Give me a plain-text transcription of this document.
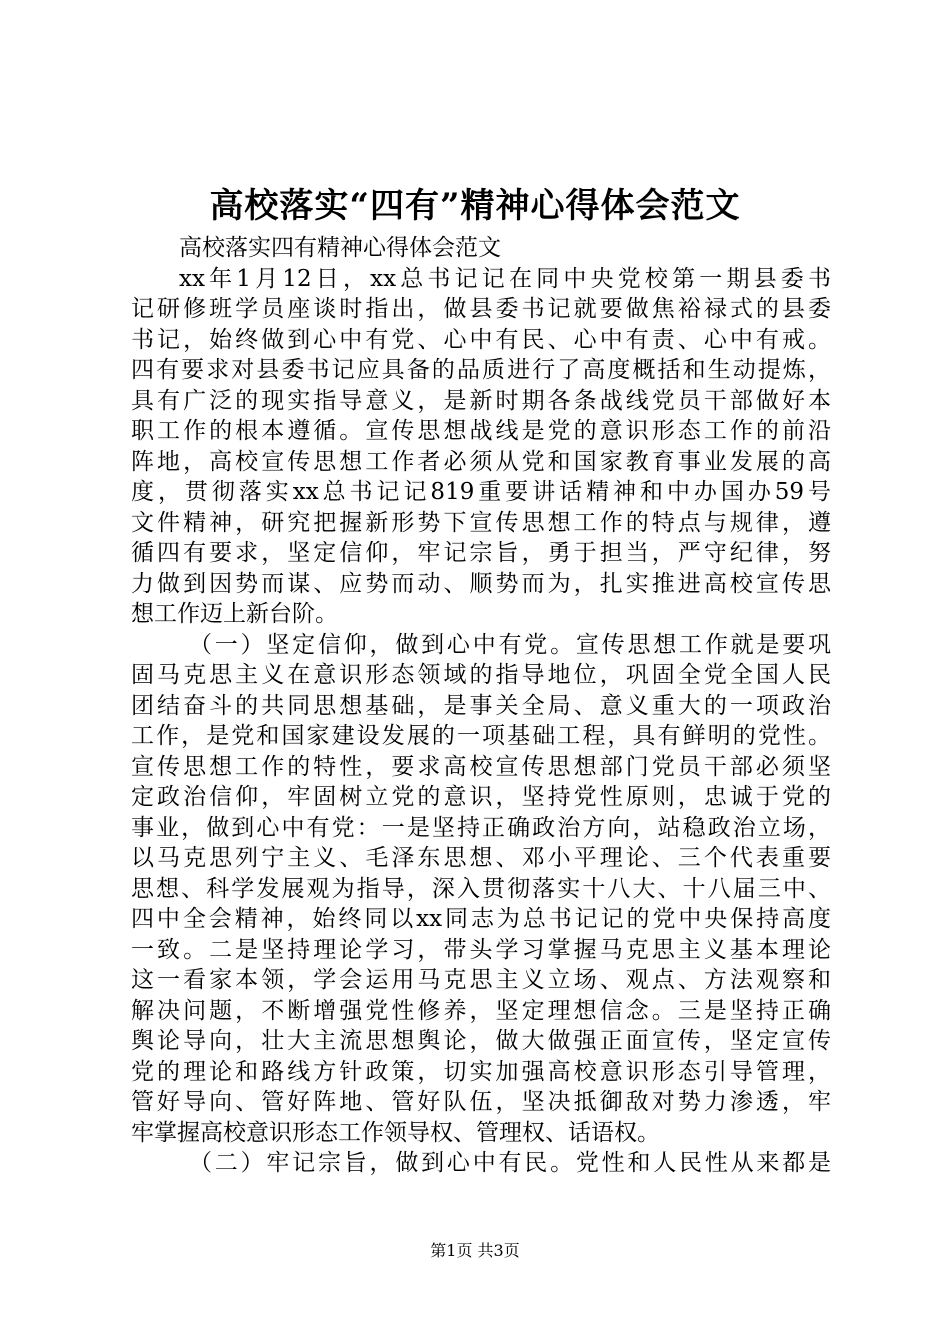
高校落实“四有”精神心得体会范文
高校落实四有精神心得体会范文
xx年1月12日，xx总书记记在同中央党校第一期县委书
记研修班学员座谈时指出，做县委书记就要做焦裕禄式的县委
书记，始终做到心中有党、心中有民、心中有责、心中有戒。
四有要求对县委书记应具备的品质进行了高度概括和生动提炼，
具有广泛的现实指导意义，是新时期各条战线党员干部做好本
职工作的根本遵循。宣传思想战线是党的意识形态工作的前沿
阵地，高校宣传思想工作者必须从党和国家教育事业发展的高
度，贯彻落实xx总书记记819重要讲话精神和中办国办59号
文件精神，研究把握新形势下宣传思想工作的特点与规律，遵
循四有要求，坚定信仰，牢记宗旨，勇于担当，严守纪律，努
力做到因势而谋、应势而动、顺势而为，扎实推进高校宣传思
想工作迈上新台阶。
（一）坚定信仰，做到心中有党。宣传思想工作就是要巩
固马克思主义在意识形态领域的指导地位，巩固全党全国人民
团结奋斗的共同思想基础，是事关全局、意义重大的一项政治
工作，是党和国家建设发展的一项基础工程，具有鲜明的党性。
宣传思想工作的特性，要求高校宣传思想部门党员干部必须坚
定政治信仰，牢固树立党的意识，坚持党性原则，忠诚于党的
事业，做到心中有党：一是坚持正确政治方向，站稳政治立场，
以马克思列宁主义、毛泽东思想、邓小平理论、三个代表重要
思想、科学发展观为指导，深入贯彻落实十八大、十八届三中、
四中全会精神，始终同以xx同志为总书记记的党中央保持高度
一致。二是坚持理论学习，带头学习掌握马克思主义基本理论
这一看家本领，学会运用马克思主义立场、观点、方法观察和
解决问题，不断增强党性修养，坚定理想信念。三是坚持正确
舆论导向，壮大主流思想舆论，做大做强正面宣传，坚定宣传
党的理论和路线方针政策，切实加强高校意识形态引导管理，
管好导向、管好阵地、管好队伍，坚决抵御敌对势力渗透，牢
牢掌握高校意识形态工作领导权、管理权、话语权。
（二）牢记宗旨，做到心中有民。党性和人民性从来都是
第1页 共3页
